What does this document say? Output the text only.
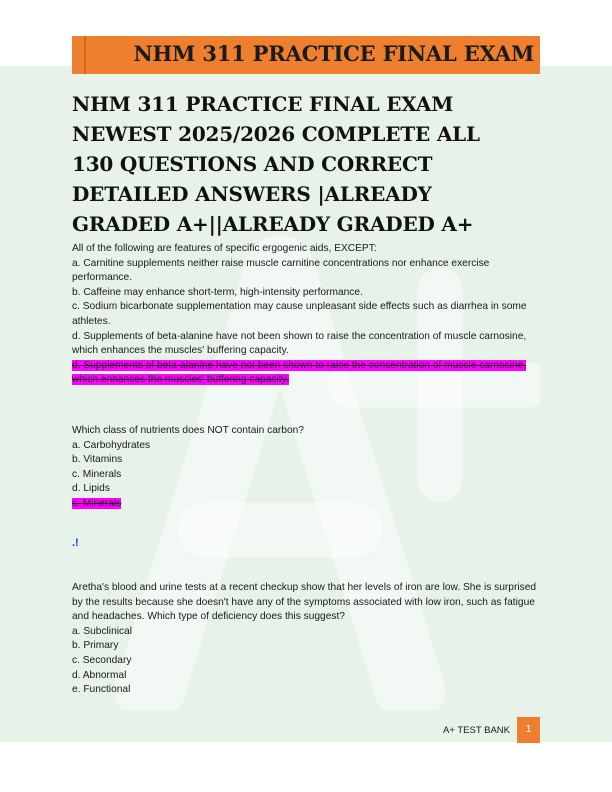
NHM 311 PRACTICE FINAL EXAM
NHM 311 PRACTICE FINAL EXAM
NEWEST 2025/2026 COMPLETE ALL
130 QUESTIONS AND CORRECT
DETAILED ANSWERS |ALREADY
GRADED A+||ALREADY GRADED A+

All of the following are features of specific ergogenic aids, EXCEPT:

a. Carnitine supplements neither raise muscle carnitine concentrations nor enhance exercise performance.

b. Caffeine may enhance short-term, high-intensity performance.

c. Sodium bicarbonate supplementation may cause unpleasant side effects such as diarrhea in some athletes.

d. Supplements of beta-alanine have not been shown to raise the concentration of muscle carnosine, which enhances the muscles' buffering capacity.

d. Supplements of beta-alanine have not been shown to raise the concentration of muscle carnosine, which enhances the muscles' buffering capacity.

Which class of nutrients does NOT contain carbon?

a. Carbohydrates

b. Vitamins

c. Minerals

d. Lipids

c. Minerals

.!

Aretha's blood and urine tests at a recent checkup show that her levels of iron are low. She is surprised by the results because she doesn't have any of the symptoms associated with low iron, such as fatigue and headaches. Which type of deficiency does this suggest?

a. Subclinical

b. Primary

c. Secondary

d. Abnormal

e. Functional

A+ TEST BANK	1
